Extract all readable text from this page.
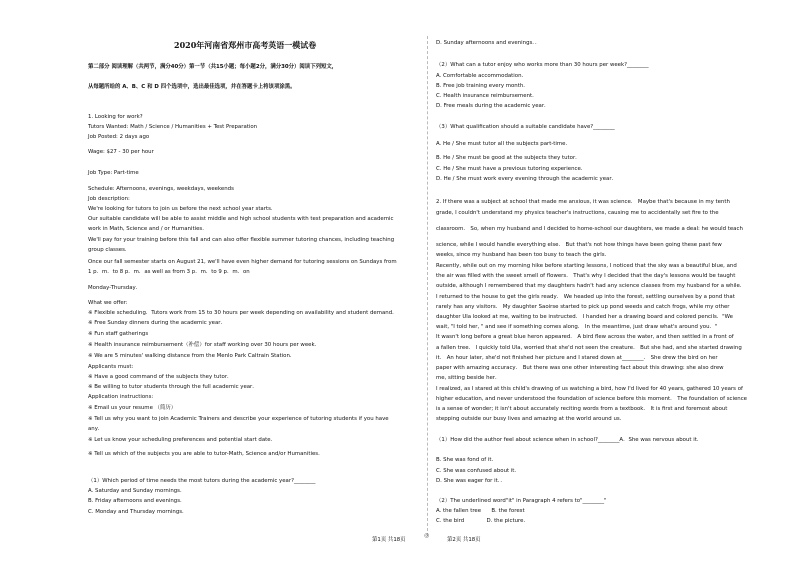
◎
2020年河南省郑州市高考英语一模试卷
第二部分 阅读理解（共两节，满分40分）第一节（共15小题；每小题2分，满分30分）阅读下列短文，
从每题所给的 A、B、C 和 D 四个选项中，选出最佳选项，并在答题卡上将该项涂黑。
1. Looking for work?
Tutors Wanted: Math / Science / Humanities + Test Preparation
Job Posted: 2 days ago
Wage: $27 - 30 per hour
Job Type: Part-time
Schedule: Afternoons, evenings, weekdays, weekends
Job description:
We're looking for tutors to join us before the next school year starts.
Our suitable candidate will be able to assist middle and high school students with test preparation and academic
work in Math, Science and / or Humanities.
We'll pay for your training before this fall and can also offer flexible summer tutoring chances, including teaching
group classes.
Once our fall semester starts on August 21, we'll have even higher demand for tutoring sessions on Sundays from
1 p．m．to 8 p．m．as well as from 3 p．m．to 9 p．m．on
Monday-Thursday．
What we offer:
※ Flexible scheduling．Tutors work from 15 to 30 hours per week depending on availability and student demand．
※ Free Sunday dinners during the academic year．
※ Fun staff gatherings
※ Health insurance reimbursement（补偿）for staff working over 30 hours per week．
※ We are 5 minutes' walking distance from the Menlo Park Caltrain Station．
Applicants must:
※ Have a good command of the subjects they tutor．
※ Be willing to tutor students through the full academic year．
Application instructions:
※ Email us your resume （简历）
※ Tell us why you want to join Academic Trainers and describe your experience of tutoring students if you have
any．
※ Let us know your scheduling preferences and potential start date．
※ Tell us which of the subjects you are able to tutor-Math, Science and/or Humanities．
（1）Which period of time needs the most tutors during the academic year?________
A. Saturday and Sunday mornings．
B. Friday afternoons and evenings．
C. Monday and Thursday mornings．
第1页 共18页
D. Sunday afternoons and evenings．．
（2）What can a tutor enjoy who works more than 30 hours per week?________
A. Comfortable accommodation．
B. Free job training every month．
C. Health insurance reimbursement．
D. Free meals during the academic year．
（3）What qualification should a suitable candidate have?________
A. He / She must tutor all the subjects part-time．
B. He / She must be good at the subjects they tutor．
C. He / She must have a previous tutoring experience．
D. He / She must work every evening through the academic year．
2. If there was a subject at school that made me anxious, it was science． Maybe that's because in my tenth
grade, I couldn't understand my physics teacher's instructions, causing me to accidentally set fire to the
classroom． So, when my husband and I decided to home-school our daughters, we made a deal: he would teach
science, while I would handle everything else． But that's not how things have been going these past few
weeks, since my husband has been too busy to teach the girls．
Recently, while out on my morning hike before starting lessons, I noticed that the sky was a beautiful blue, and
the air was filled with the sweet smell of flowers． That's why I decided that the day's lessons would be taught
outside, although I remembered that my daughters hadn't had any science classes from my husband for a while．
I returned to the house to get the girls ready． We headed up into the forest, settling ourselves by a pond that
rarely has any visitors． My daughter Saoirse started to pick up pond weeds and catch frogs, while my other
daughter Ula looked at me, waiting to be instructed． I handed her a drawing board and colored pencils．"We
wait, "I told her, " and see if something comes along． In the meantime, just draw what's around you．"
It wasn't long before a great blue heron appeared． A bird flew across the water, and then settled in a front of
a fallen tree． I quickly told Ula, worried that she'd not seen the creature． But she had, and she started drawing
it． An hour later, she'd not finished her picture and I stared down at________． She drew the bird on her
paper with amazing accuracy． But there was one other interesting fact about this drawing: she also drew
me, sitting beside her．
I realized, as I stared at this child's drawing of us watching a bird, how I'd lived for 40 years, gathered 10 years of
higher education, and never understood the foundation of science before this moment． The foundation of science
is a sense of wonder; it isn't about accurately reciting words from a textbook． It is first and foremost about
stepping outside our busy lives and amazing at the world around us．
（1）How did the author feel about science when in school?________A．She was nervous about it．
B. She was fond of it．
C. She was confused about it．
D. She was eager for it．．
（2）The underlined word"it" in Paragraph 4 refers to"________"
A. the fallen tree      B. the forest
C. the bird             D. the picture．
第2页 共18页
